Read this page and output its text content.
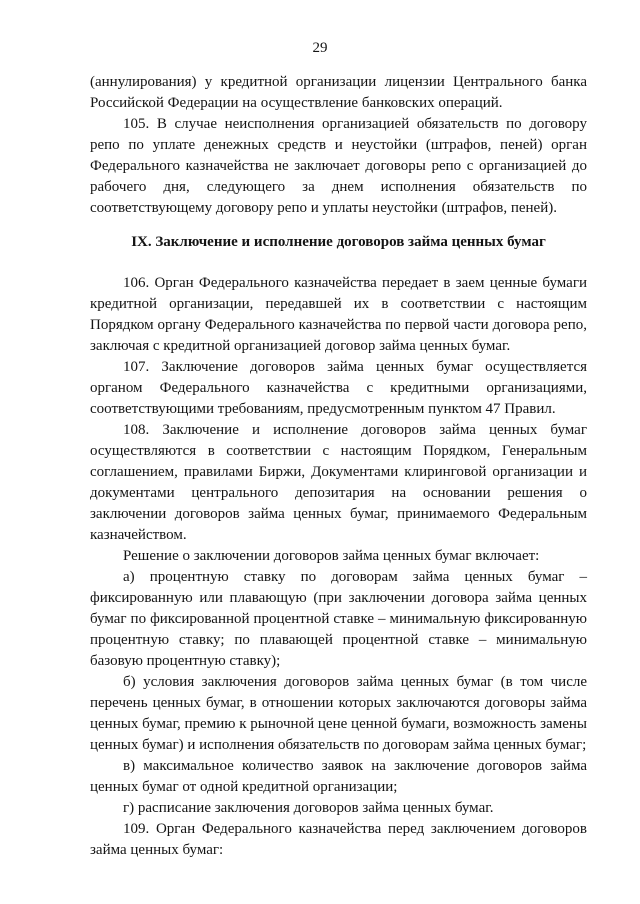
29

(аннулирования) у кредитной организации лицензии Центрального банка Российской Федерации на осуществление банковских операций.

105. В случае неисполнения организацией обязательств по договору репо по уплате денежных средств и неустойки (штрафов, пеней) орган Федерального казначейства не заключает договоры репо с организацией до рабочего дня, следующего за днем исполнения обязательств по соответствующему договору репо и уплаты неустойки (штрафов, пеней).

IX. Заключение и исполнение договоров займа ценных бумаг

106. Орган Федерального казначейства передает в заем ценные бумаги кредитной организации, передавшей их в соответствии с настоящим Порядком органу Федерального казначейства по первой части договора репо, заключая с кредитной организацией договор займа ценных бумаг.

107. Заключение договоров займа ценных бумаг осуществляется органом Федерального казначейства с кредитными организациями, соответствующими требованиям, предусмотренным пунктом 47 Правил.

108. Заключение и исполнение договоров займа ценных бумаг осуществляются в соответствии с настоящим Порядком, Генеральным соглашением, правилами Биржи, Документами клиринговой организации и документами центрального депозитария на основании решения о заключении договоров займа ценных бумаг, принимаемого Федеральным казначейством.

Решение о заключении договоров займа ценных бумаг включает:

а) процентную ставку по договорам займа ценных бумаг – фиксированную или плавающую (при заключении договора займа ценных бумаг по фиксированной процентной ставке – минимальную фиксированную процентную ставку; по плавающей процентной ставке – минимальную базовую процентную ставку);

б) условия заключения договоров займа ценных бумаг (в том числе перечень ценных бумаг, в отношении которых заключаются договоры займа ценных бумаг, премию к рыночной цене ценной бумаги, возможность замены ценных бумаг) и исполнения обязательств по договорам займа ценных бумаг;

в) максимальное количество заявок на заключение договоров займа ценных бумаг от одной кредитной организации;

г) расписание заключения договоров займа ценных бумаг.

109. Орган Федерального казначейства перед заключением договоров займа ценных бумаг:
